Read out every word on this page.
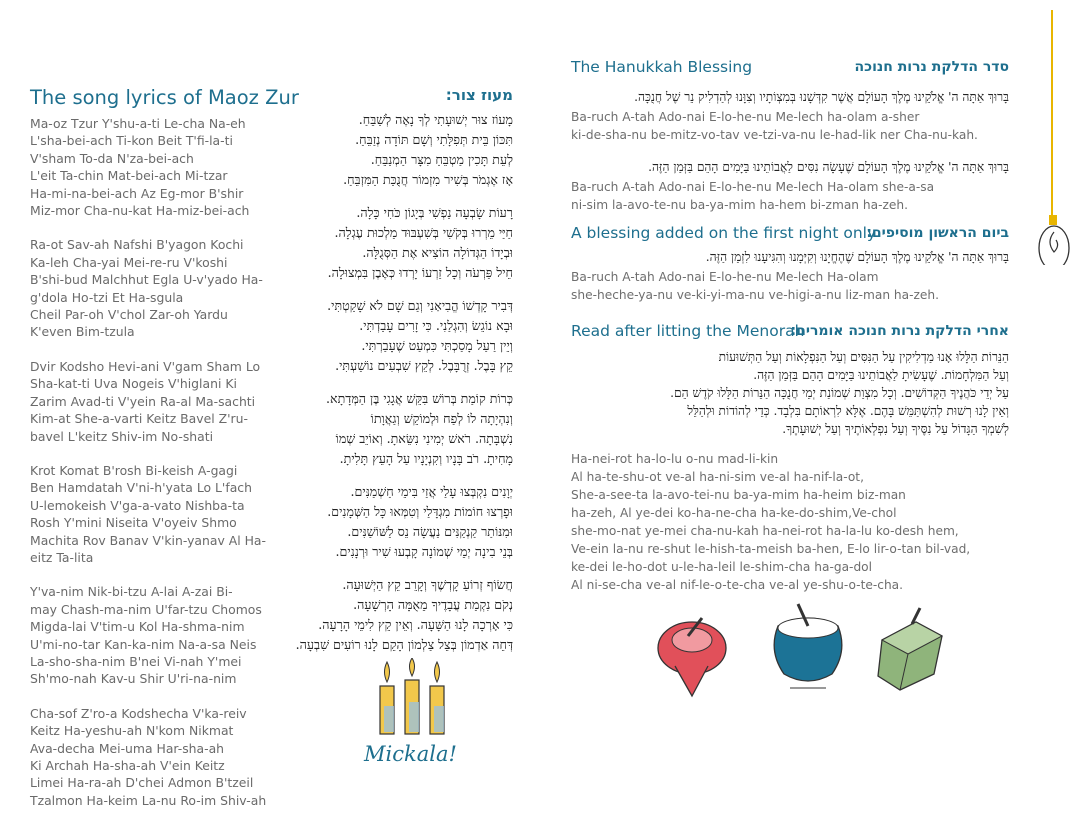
The song lyrics of Maoz Zur

Ma-oz Tzur Y'shu-a-ti Le-cha Na-eh
L'sha-bei-ach Ti-kon Beit T'fi-la-ti
V'sham To-da N'za-bei-ach
L'eit Ta-chin Mat-bei-ach Mi-tzar
Ha-mi-na-bei-ach Az Eg-mor B'shir
Miz-mor Cha-nu-kat Ha-miz-bei-ach

Ra-ot Sav-ah Nafshi B'yagon Kochi
Ka-leh Cha-yai Mei-re-ru V'koshi
B'shi-bud Malchhut Egla U-v'yado Ha-
g'dola Ho-tzi Et Ha-sgula
Cheil Par-oh V'chol Zar-oh Yardu
K'even Bim-tzula

Dvir Kodsho Hevi-ani V'gam Sham Lo
Sha-kat-ti Uva Nogeis V'higlani Ki
Zarim Avad-ti V'yein Ra-al Ma-sachti
Kim-at She-a-varti Keitz Bavel Z'ru-
bavel L'keitz Shiv-im No-shati

Krot Komat B'rosh Bi-keish A-gagi
Ben Hamdatah V'ni-h'yata Lo L'fach
U-lemokeish V'ga-a-vato Nishba-ta
Rosh Y'mini Niseita V'oyeiv Shmo
Machita Rov Banav V'kin-yanav Al Ha-
eitz Ta-lita

Y'va-nim Nik-bi-tzu A-lai A-zai Bi-
may Chash-ma-nim U'far-tzu Chomos
Migda-lai V'tim-u Kol Ha-shma-nim
U'mi-no-tar Kan-ka-nim Na-a-sa Neis
La-sho-sha-nim B'nei Vi-nah Y'mei
Sh'mo-nah Kav-u Shir U'ri-na-nim

Cha-sof Z'ro-a Kodshecha V'ka-reiv
Keitz Ha-yeshu-ah N'kom Nikmat
Ava-decha Mei-uma Har-sha-ah
Ki Archah Ha-sha-ah V'ein Keitz
Limei Ha-ra-ah D'chei Admon B'tzeil
Tzalmon Ha-keim La-nu Ro-im Shiv-ah

מעוז צור:

מָעוֹז צוּר יְשׁוּעָתִי לְךָ נָאֶה לְשַׁבֵּחַ.
תִּכּוֹן בֵּית תְּפִלָּתִי וְשָׁם תּוֹדָה נְזַבֵּחַ.
לְעֵת תָּכִין מַטְבֵּחַ מִצָּר הַמְנַבֵּחַ.
אָז אֶגְמֹר בְּשִׁיר מִזְמוֹר חֲנֻכַּת הַמִּזְבֵּחַ.

רָעוֹת שָׂבְעָה נַפְשִׁי בְּיָגוֹן כֹּחִי כָּלָה.
חַיַּי מֵרְרוּ בְּקֹשִׁי בְּשִׁעְבּוּד מַלְכוּת עֶגְלָה.
וּבְיָדוֹ הַגְּדוֹלָה הוֹצִיא אֶת הַסְּגֻלָּה.
חֵיל פַּרְעֹה וְכָל זַרְעוֹ יָרְדוּ כְּאֶבֶן בִּמְצוּלָה.

דְּבִיר קָדְשׁוֹ הֱבִיאַנִי וְגַם שָׁם לֹא שָׁקַטְתִּי.
וּבָא נוֹגֵשׂ וְהִגְלַנִי. כִּי זָרִים עָבַדְתִּי.
וְיֵין רַעַל מָסַכְתִּי כִּמְעַט שֶׁעָבַרְתִּי.
קֵץ בָּבֶל. זְרֻבָּבֶל. לְקֵץ שִׁבְעִים נוֹשַׁעְתִּי.

כְּרוֹת קוֹמַת בְּרוֹשׁ בִּקֵּשׁ אֲגָגִי בֶּן הַמְּדָתָא.
וְנִהְיָתָה לוֹ לְפַח וּלְמוֹקֵשׁ וְגַאֲוָתוֹ
נִשְׁבָּתָה. רֹאשׁ יְמִינִי נִשֵּׂאתָ. וְאוֹיֵב שְׁמוֹ
מָחִיתָ. רֹב בָּנָיו וְקִנְיָנָיו עַל הָעֵץ תָּלִיתָ.

יְוָנִים נִקְבְּצוּ עָלַי אֲזַי בִּימֵי חַשְׁמַנִּים.
וּפָרְצוּ חוֹמוֹת מִגְדָּלַי וְטִמְּאוּ כָּל הַשְּׁמָנִים.
וּמִנּוֹתַר קַנְקַנִּים נַעֲשָׂה נֵס לַשּׁוֹשַׁנִּים.
בְּנֵי בִינָה יְמֵי שְׁמוֹנָה קָבְעוּ שִׁיר וּרְנָנִים.

חֲשׂוֹף זְרוֹעַ קָדְשֶׁךָ וְקָרֵב קֵץ הַיְשׁוּעָה.
נְקֹם נִקְמַת עֲבָדֶיךָ מֵאֻמָּה הָרְשָׁעָה.
כִּי אָרְכָה לָנוּ הַשָּׁעָה. וְאֵין קֵץ לִימֵי הָרָעָה.
דְּחֵה אַדְמוֹן בְּצֵל צַלְמוֹן הָקֵם לָנוּ רוֹעִים שִׁבְעָה.

The Hanukkah Blessing	סדר הדלקת נרות חנוכה
בָּרוּךְ אַתָּה ה' אֱלֹקֵינוּ מֶלֶךְ הָעוֹלָם אֲשֶׁר קִדְּשָׁנוּ בְּמִצְוֹתָיו וְצִוָּנוּ לְהַדְלִיק נֵר שֶׁל חֲנֻכָּה.
Ba-ruch A-tah Ado-nai E-lo-he-nu Me-lech ha-olam a-sher
ki-de-sha-nu be-mitz-vo-tav ve-tzi-va-nu le-had-lik ner Cha-nu-kah.
בָּרוּךְ אַתָּה ה' אֱלֹקֵינוּ מֶלֶךְ הָעוֹלָם שֶׁעָשָׂה נִסִּים לַאֲבוֹתֵינוּ בַּיָּמִים הָהֵם בַּזְּמַן הַזֶּה.
Ba-ruch A-tah Ado-nai E-lo-he-nu Me-lech Ha-olam she-a-sa
ni-sim la-avo-te-nu ba-ya-mim ha-hem bi-zman ha-zeh.
A blessing added on the first night only
ביום הראשון מוסיפים:
בָּרוּךְ אַתָּה ה' אֱלֹקֵינוּ מֶלֶךְ הָעוֹלָם שֶׁהֶחֱיָנוּ וְקִיְּמָנוּ וְהִגִּיעָנוּ לִזְמַן הַזֶּה.
Ba-ruch A-tah Ado-nai E-lo-he-nu Me-lech Ha-olam
she-heche-ya-nu ve-ki-yi-ma-nu ve-higi-a-nu liz-man ha-zeh.
Read after litting the Menorah
אחרי הדלקת נרות חנוכה אומרים:
הַנֵּרוֹת הַלָּלוּ אָנוּ מַדְלִיקִין עַל הַנִּסִּים וְעַל הַנִּפְלָאוֹת וְעַל הַתְּשׁוּעוֹת
וְעַל הַמִּלְחָמוֹת. שֶׁעָשִׂיתָ לַאֲבוֹתֵינוּ בַּיָּמִים הָהֵם בַּזְּמַן הַזֶּה.
עַל יְדֵי כֹּהֲנֶיךָ הַקְּדוֹשִׁים. וְכָל מִצְוַת שְׁמוֹנַת יְמֵי חֲנֻכָּה הַנֵּרוֹת הַלָּלוּ קֹדֶשׁ הֵם.
וְאֵין לָנוּ רְשׁוּת לְהִשְׁתַּמֵּשׁ בָּהֶם. אֶלָּא לִרְאוֹתָם בִּלְבָד. כְּדֵי לְהוֹדוֹת וּלְהַלֵּל
לְשִׁמְךָ הַגָּדוֹל עַל נִסֶּיךָ וְעַל נִפְלְאוֹתֶיךָ וְעַל יְשׁוּעָתֶךָ.
Ha-nei-rot ha-lo-lu o-nu mad-li-kin
Al ha-te-shu-ot ve-al ha-ni-sim ve-al ha-nif-la-ot,
She-a-see-ta la-avo-tei-nu ba-ya-mim ha-heim biz-man
ha-zeh, Al ye-dei ko-ha-ne-cha ha-ke-do-shim,Ve-chol
she-mo-nat ye-mei cha-nu-kah ha-nei-rot ha-la-lu ko-desh hem,
Ve-ein la-nu re-shut le-hish-ta-meish ba-hen, E-lo lir-o-tan bil-vad,
ke-dei le-ho-dot u-le-ha-leil le-shim-cha ha-ga-dol
Al ni-se-cha ve-al nif-le-o-te-cha ve-al ye-shu-o-te-cha.
Mickala!
